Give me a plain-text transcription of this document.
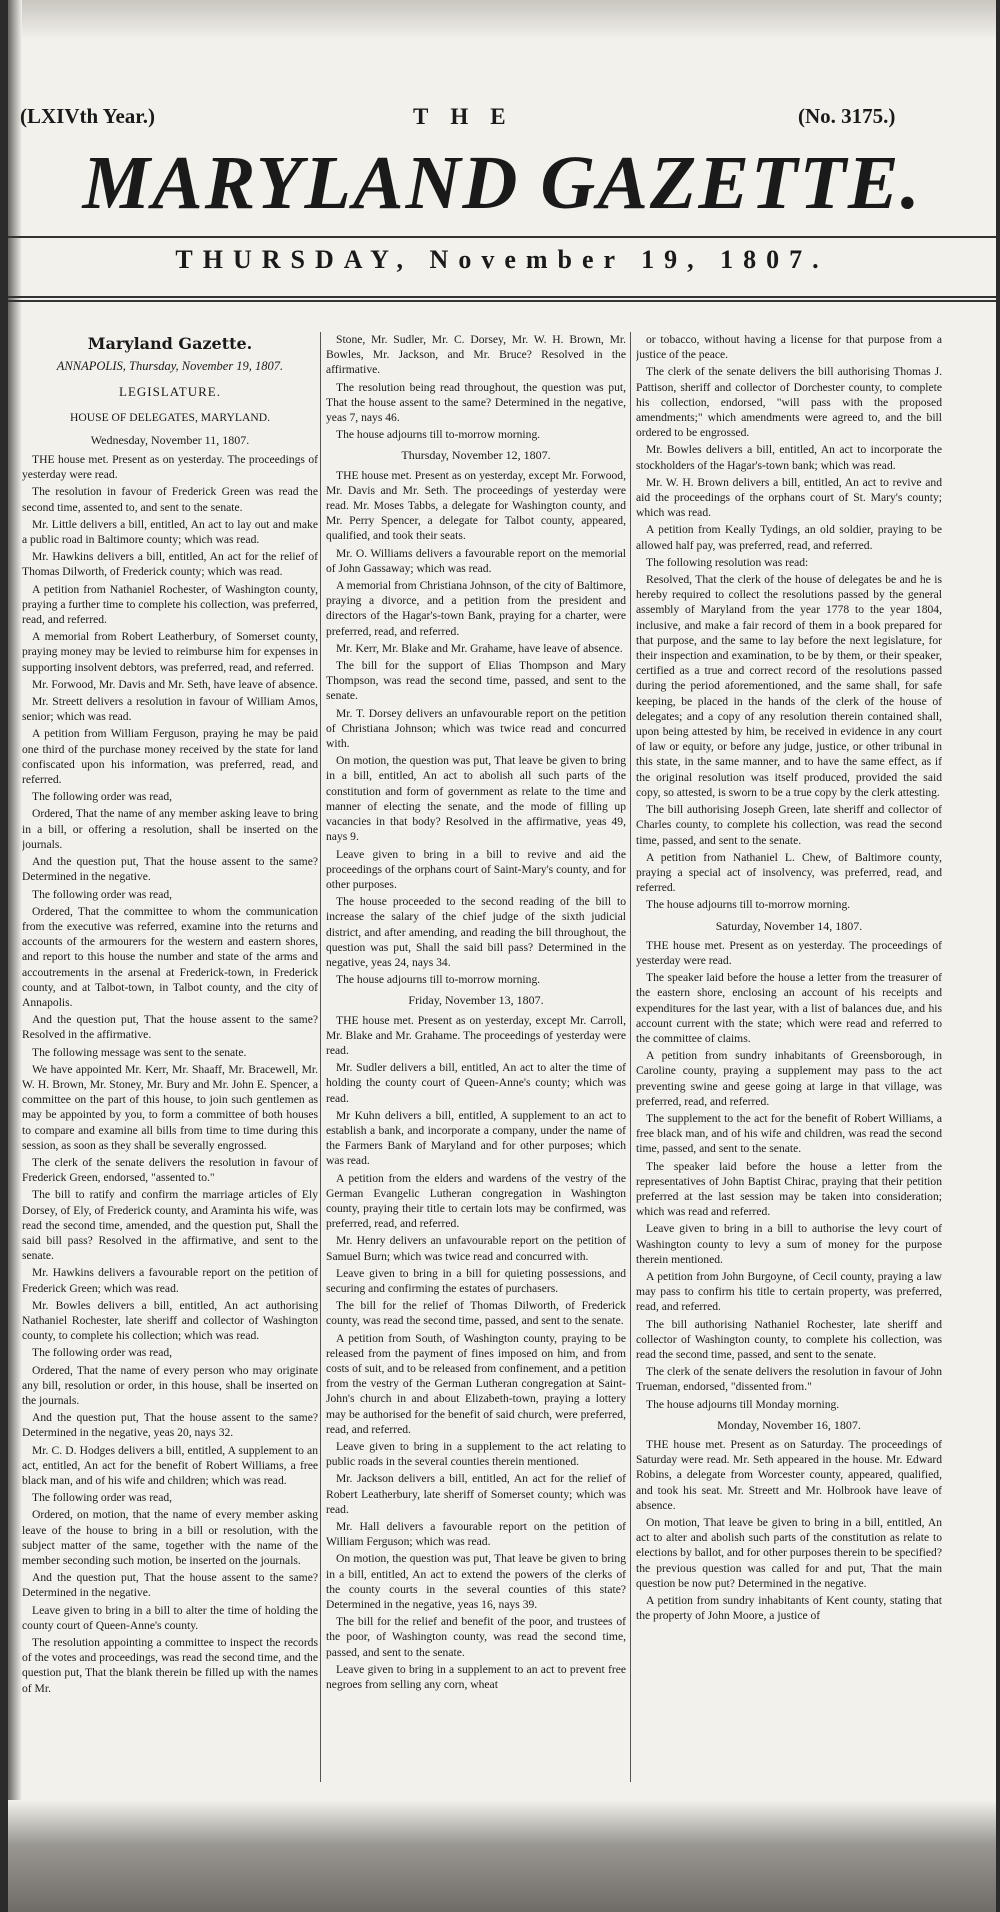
(LXIVth Year.)	THE	(No. 3175.)
MARYLAND GAZETTE.
THURSDAY, November 19, 1807.
Maryland Gazette.
ANNAPOLIS, Thursday, November 19, 1807.
LEGISLATURE.
HOUSE OF DELEGATES, MARYLAND.
Wednesday, November 11, 1807.

THE house met. Present as on yesterday. The proceedings of yesterday were read.

The resolution in favour of Frederick Green was read the second time, assented to, and sent to the senate.

Mr. Little delivers a bill, entitled, An act to lay out and make a public road in Baltimore county; which was read.

Mr. Hawkins delivers a bill, entitled, An act for the relief of Thomas Dilworth, of Frederick county; which was read.

A petition from Nathaniel Rochester, of Washington county, praying a further time to complete his collection, was preferred, read, and referred.

A memorial from Robert Leatherbury, of Somerset county, praying money may be levied to reimburse him for expenses in supporting insolvent debtors, was preferred, read, and referred.

Mr. Forwood, Mr. Davis and Mr. Seth, have leave of absence.

Mr. Streett delivers a resolution in favour of William Amos, senior; which was read.

A petition from William Ferguson, praying he may be paid one third of the purchase money received by the state for land confiscated upon his information, was preferred, read, and referred.

The following order was read,

Ordered, That the name of any member asking leave to bring in a bill, or offering a resolution, shall be inserted on the journals.

And the question put, That the house assent to the same? Determined in the negative.

The following order was read,

Ordered, That the committee to whom the communication from the executive was referred, examine into the returns and accounts of the armourers for the western and eastern shores, and report to this house the number and state of the arms and accoutrements in the arsenal at Frederick-town, in Frederick county, and at Talbot-town, in Talbot county, and the city of Annapolis.

And the question put, That the house assent to the same? Resolved in the affirmative.

The following message was sent to the senate.

We have appointed Mr. Kerr, Mr. Shaaff, Mr. Bracewell, Mr. W. H. Brown, Mr. Stoney, Mr. Bury and Mr. John E. Spencer, a committee on the part of this house, to join such gentlemen as may be appointed by you, to form a committee of both houses to compare and examine all bills from time to time during this session, as soon as they shall be severally engrossed.

The clerk of the senate delivers the resolution in favour of Frederick Green, endorsed, "assented to."

The bill to ratify and confirm the marriage articles of Ely Dorsey, of Ely, of Frederick county, and Araminta his wife, was read the second time, amended, and the question put, Shall the said bill pass? Resolved in the affirmative, and sent to the senate.

Mr. Hawkins delivers a favourable report on the petition of Frederick Green; which was read.

Mr. Bowles delivers a bill, entitled, An act authorising Nathaniel Rochester, late sheriff and collector of Washington county, to complete his collection; which was read.

The following order was read,

Ordered, That the name of every person who may originate any bill, resolution or order, in this house, shall be inserted on the journals.

And the question put, That the house assent to the same? Determined in the negative, yeas 20, nays 32.

Mr. C. D. Hodges delivers a bill, entitled, A supplement to an act, entitled, An act for the benefit of Robert Williams, a free black man, and of his wife and children; which was read.

The following order was read,

Ordered, on motion, that the name of every member asking leave of the house to bring in a bill or resolution, with the subject matter of the same, together with the name of the member seconding such motion, be inserted on the journals.

And the question put, That the house assent to the same? Determined in the negative.

Leave given to bring in a bill to alter the time of holding the county court of Queen-Anne's county.

The resolution appointing a committee to inspect the records of the votes and proceedings, was read the second time, and the question put, That the blank therein be filled up with the names of Mr.

Stone, Mr. Sudler, Mr. C. Dorsey, Mr. W. H. Brown, Mr. Bowles, Mr. Jackson, and Mr. Bruce? Resolved in the affirmative.

The resolution being read throughout, the question was put, That the house assent to the same? Determined in the negative, yeas 7, nays 46.

The house adjourns till to-morrow morning.

Thursday, November 12, 1807.

THE house met. Present as on yesterday, except Mr. Forwood, Mr. Davis and Mr. Seth. The proceedings of yesterday were read. Mr. Moses Tabbs, a delegate for Washington county, and Mr. Perry Spencer, a delegate for Talbot county, appeared, qualified, and took their seats.

Mr. O. Williams delivers a favourable report on the memorial of John Gassaway; which was read.

A memorial from Christiana Johnson, of the city of Baltimore, praying a divorce, and a petition from the president and directors of the Hagar's-town Bank, praying for a charter, were preferred, read, and referred.

Mr. Kerr, Mr. Blake and Mr. Grahame, have leave of absence.

The bill for the support of Elias Thompson and Mary Thompson, was read the second time, passed, and sent to the senate.

Mr. T. Dorsey delivers an unfavourable report on the petition of Christiana Johnson; which was twice read and concurred with.

On motion, the question was put, That leave be given to bring in a bill, entitled, An act to abolish all such parts of the constitution and form of government as relate to the time and manner of electing the senate, and the mode of filling up vacancies in that body? Resolved in the affirmative, yeas 49, nays 9.

Leave given to bring in a bill to revive and aid the proceedings of the orphans court of Saint-Mary's county, and for other purposes.

The house proceeded to the second reading of the bill to increase the salary of the chief judge of the sixth judicial district, and after amending, and reading the bill throughout, the question was put, Shall the said bill pass? Determined in the negative, yeas 24, nays 34.

The house adjourns till to-morrow morning.

Friday, November 13, 1807.

THE house met. Present as on yesterday, except Mr. Carroll, Mr. Blake and Mr. Grahame. The proceedings of yesterday were read.

Mr. Sudler delivers a bill, entitled, An act to alter the time of holding the county court of Queen-Anne's county; which was read.

Mr Kuhn delivers a bill, entitled, A supplement to an act to establish a bank, and incorporate a company, under the name of the Farmers Bank of Maryland and for other purposes; which was read.

A petition from the elders and wardens of the vestry of the German Evangelic Lutheran congregation in Washington county, praying their title to certain lots may be confirmed, was preferred, read, and referred.

Mr. Henry delivers an unfavourable report on the petition of Samuel Burn; which was twice read and concurred with.

Leave given to bring in a bill for quieting possessions, and securing and confirming the estates of purchasers.

The bill for the relief of Thomas Dilworth, of Frederick county, was read the second time, passed, and sent to the senate.

A petition from South, of Washington county, praying to be released from the payment of fines imposed on him, and from costs of suit, and to be released from confinement, and a petition from the vestry of the German Lutheran congregation at Saint-John's church in and about Elizabeth-town, praying a lottery may be authorised for the benefit of said church, were preferred, read, and referred.

Leave given to bring in a supplement to the act relating to public roads in the several counties therein mentioned.

Mr. Jackson delivers a bill, entitled, An act for the relief of Robert Leatherbury, late sheriff of Somerset county; which was read.

Mr. Hall delivers a favourable report on the petition of William Ferguson; which was read.

On motion, the question was put, That leave be given to bring in a bill, entitled, An act to extend the powers of the clerks of the county courts in the several counties of this state? Determined in the negative, yeas 16, nays 39.

The bill for the relief and benefit of the poor, and trustees of the poor, of Washington county, was read the second time, passed, and sent to the senate.

Leave given to bring in a supplement to an act to prevent free negroes from selling any corn, wheat

or tobacco, without having a license for that purpose from a justice of the peace.

The clerk of the senate delivers the bill authorising Thomas J. Pattison, sheriff and collector of Dorchester county, to complete his collection, endorsed, "will pass with the proposed amendments;" which amendments were agreed to, and the bill ordered to be engrossed.

Mr. Bowles delivers a bill, entitled, An act to incorporate the stockholders of the Hagar's-town bank; which was read.

Mr. W. H. Brown delivers a bill, entitled, An act to revive and aid the proceedings of the orphans court of St. Mary's county; which was read.

A petition from Keally Tydings, an old soldier, praying to be allowed half pay, was preferred, read, and referred.

The following resolution was read:

Resolved, That the clerk of the house of delegates be and he is hereby required to collect the resolutions passed by the general assembly of Maryland from the year 1778 to the year 1804, inclusive, and make a fair record of them in a book prepared for that purpose, and the same to lay before the next legislature, for their inspection and examination, to be by them, or their speaker, certified as a true and correct record of the resolutions passed during the period aforementioned, and the same shall, for safe keeping, be placed in the hands of the clerk of the house of delegates; and a copy of any resolution therein contained shall, upon being attested by him, be received in evidence in any court of law or equity, or before any judge, justice, or other tribunal in this state, in the same manner, and to have the same effect, as if the original resolution was itself produced, provided the said copy, so attested, is sworn to be a true copy by the clerk attesting.

The bill authorising Joseph Green, late sheriff and collector of Charles county, to complete his collection, was read the second time, passed, and sent to the senate.

A petition from Nathaniel L. Chew, of Baltimore county, praying a special act of insolvency, was preferred, read, and referred.

The house adjourns till to-morrow morning.

Saturday, November 14, 1807.

THE house met. Present as on yesterday. The proceedings of yesterday were read.

The speaker laid before the house a letter from the treasurer of the eastern shore, enclosing an account of his receipts and expenditures for the last year, with a list of balances due, and his account current with the state; which were read and referred to the committee of claims.

A petition from sundry inhabitants of Greensborough, in Caroline county, praying a supplement may pass to the act preventing swine and geese going at large in that village, was preferred, read, and referred.

The supplement to the act for the benefit of Robert Williams, a free black man, and of his wife and children, was read the second time, passed, and sent to the senate.

The speaker laid before the house a letter from the representatives of John Baptist Chirac, praying that their petition preferred at the last session may be taken into consideration; which was read and referred.

Leave given to bring in a bill to authorise the levy court of Washington county to levy a sum of money for the purpose therein mentioned.

A petition from John Burgoyne, of Cecil county, praying a law may pass to confirm his title to certain property, was preferred, read, and referred.

The bill authorising Nathaniel Rochester, late sheriff and collector of Washington county, to complete his collection, was read the second time, passed, and sent to the senate.

The clerk of the senate delivers the resolution in favour of John Trueman, endorsed, "dissented from."

The house adjourns till Monday morning.

Monday, November 16, 1807.

THE house met. Present as on Saturday. The proceedings of Saturday were read. Mr. Seth appeared in the house. Mr. Edward Robins, a delegate from Worcester county, appeared, qualified, and took his seat. Mr. Streett and Mr. Holbrook have leave of absence.

On motion, That leave be given to bring in a bill, entitled, An act to alter and abolish such parts of the constitution as relate to elections by ballot, and for other purposes therein to be specified? the previous question was called for and put, That the main question be now put? Determined in the negative.

A petition from sundry inhabitants of Kent county, stating that the property of John Moore, a justice of
